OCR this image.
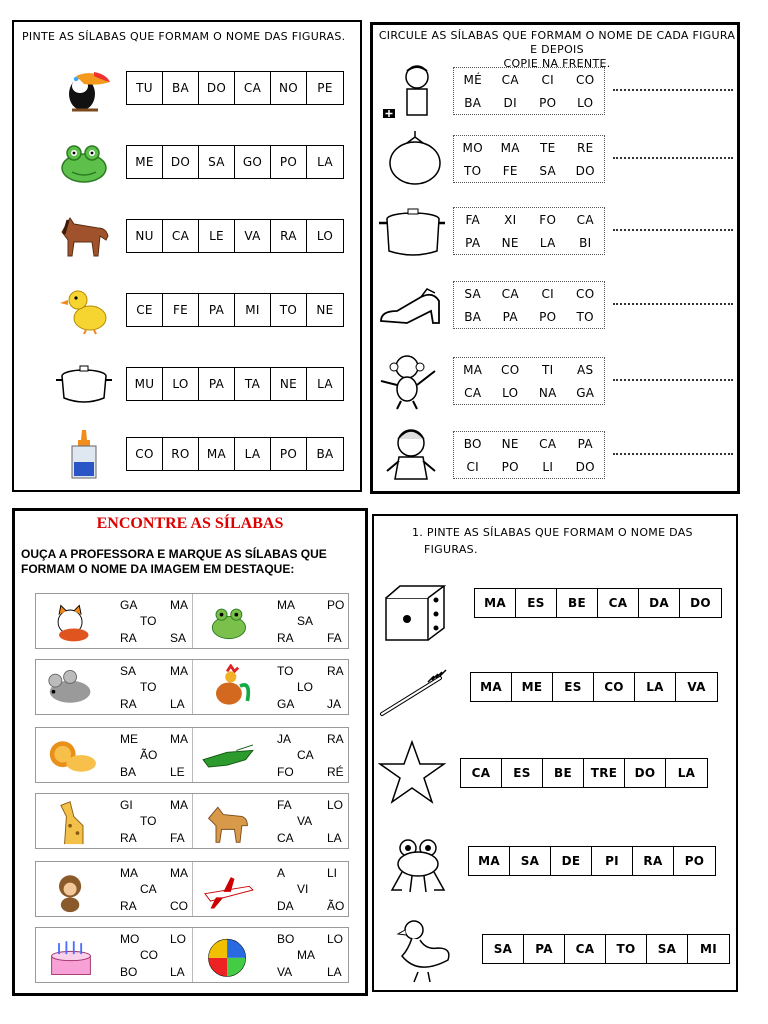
PINTE AS SÍLABAS QUE FORMAM O NOME DAS FIGURAS.
TU	BA	DO	CA	NO	PE
ME	DO	SA	GO	PO	LA
NU	CA	LE	VA	RA	LO
CE	FE	PA	MI	TO	NE
MU	LO	PA	TA	NE	LA
CO	RO	MA	LA	PO	BA
CIRCULE AS SÍLABAS QUE FORMAM O NOME DE CADA FIGURA E DEPOIS
COPIE NA FRENTE.
MÉ	CA	CI	CO
BA	DI	PO	LO
MO	MA	TE	RE
TO	FE	SA	DO
FA	XI	FO	CA
PA	NE	LA	BI
SA	CA	CI	CO
BA	PA	PO	TO
MA	CO	TI	AS
CA	LO	NA	GA
BO	NE	CA	PA
CI	PO	LI	DO
ENCONTRE AS SÍLABAS
OUÇA A PROFESSORA E MARQUE AS SÍLABAS QUE
FORMAM O NOME DA IMAGEM EM DESTAQUE:
GA	MA
TO
RA	SA
MA	PO
SA
RA	FA
SA	MA
TO
RA	LA
TO	RA
LO
GA	JA
ME	MA
ÃO
BA	LE
JA	RA
CA
FO	RÉ
GI	MA
TO
RA	FA
FA	LO
VA
CA	LA
MA	MA
CA
RA	CO
A	LI
VI
DA	ÃO
MO	LO
CO
BO	LA
BO	LO
MA
VA	LA
1. PINTE AS SÍLABAS QUE FORMAM O NOME DAS
FIGURAS.
MA	ES	BE	CA	DA	DO
MA	ME	ES	CO	LA	VA
CA	ES	BE	TRE	DO	LA
MA	SA	DE	PI	RA	PO
SA	PA	CA	TO	SA	MI
